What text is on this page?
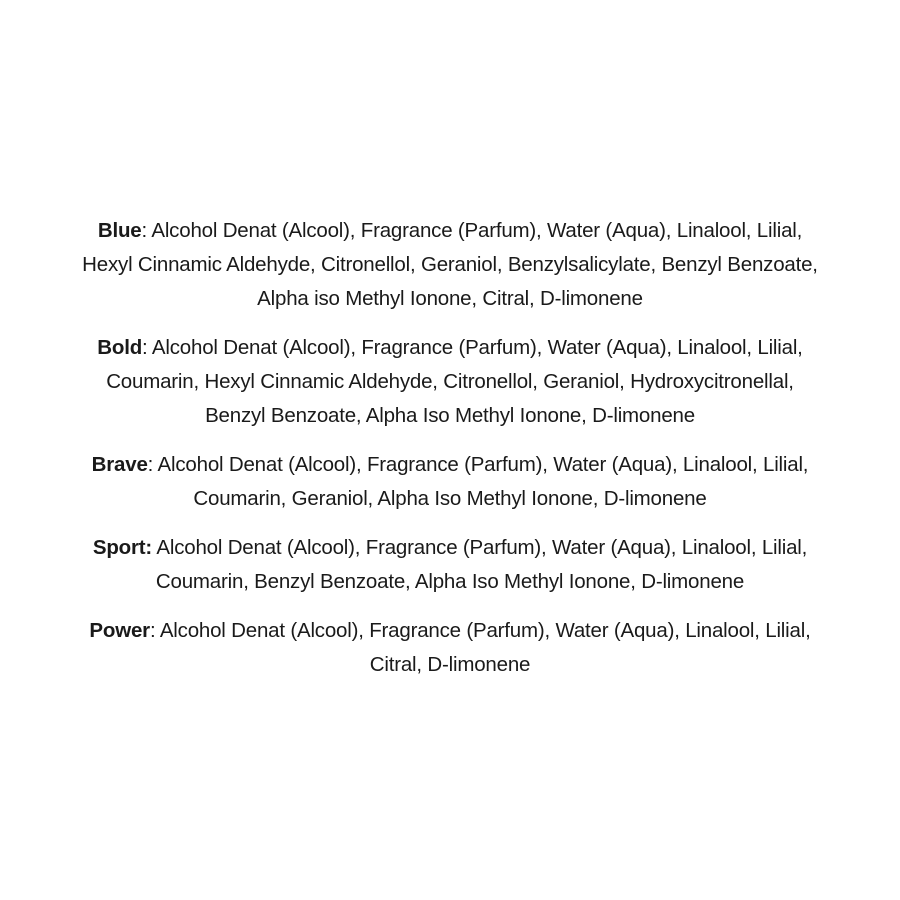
Blue: Alcohol Denat (Alcool), Fragrance (Parfum), Water (Aqua), Linalool, Lilial,
Hexyl Cinnamic Aldehyde, Citronellol, Geraniol, Benzylsalicylate, Benzyl Benzoate,
Alpha iso Methyl Ionone, Citral, D-limonene
Bold: Alcohol Denat (Alcool), Fragrance (Parfum), Water (Aqua), Linalool, Lilial,
Coumarin, Hexyl Cinnamic Aldehyde, Citronellol, Geraniol, Hydroxycitronellal,
Benzyl Benzoate, Alpha Iso Methyl Ionone, D-limonene
Brave: Alcohol Denat (Alcool), Fragrance (Parfum), Water (Aqua), Linalool, Lilial,
Coumarin, Geraniol, Alpha Iso Methyl Ionone, D-limonene
Sport: Alcohol Denat (Alcool), Fragrance (Parfum), Water (Aqua), Linalool, Lilial,
Coumarin, Benzyl Benzoate, Alpha Iso Methyl Ionone, D-limonene
Power: Alcohol Denat (Alcool), Fragrance (Parfum), Water (Aqua), Linalool, Lilial,
Citral, D-limonene
